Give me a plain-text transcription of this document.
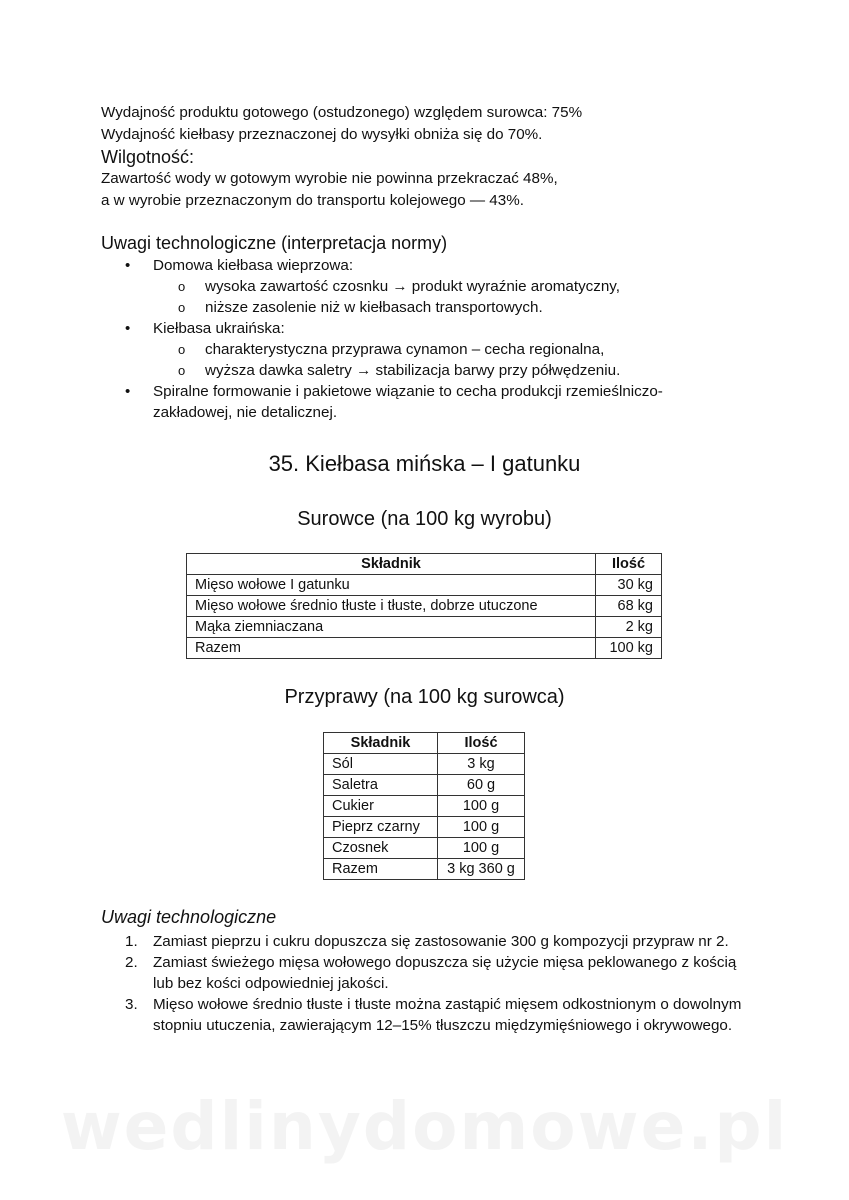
Wydajność produktu gotowego (ostudzonego) względem surowca: 75%

Wydajność kiełbasy przeznaczonej do wysyłki obniża się do 70%.

Wilgotność:

Zawartość wody w gotowym wyrobie nie powinna przekraczać 48%,

a w wyrobie przeznaczonym do transportu kolejowego — 43%.

Uwagi technologiczne (interpretacja normy)

• Domowa kiełbasa wieprzowa:
o wysoka zawartość czosnku → produkt wyraźnie aromatyczny,
o niższe zasolenie niż w kiełbasach transportowych.
• Kiełbasa ukraińska:
o charakterystyczna przyprawa cynamon – cecha regionalna,
o wyższa dawka saletry → stabilizacja barwy przy półwędzeniu.
• Spiralne formowanie i pakietowe wiązanie to cecha produkcji rzemieślniczo-zakładowej, nie detalicznej.
35. Kiełbasa mińska – I gatunku
Surowce (na 100 kg wyrobu)
Składnik	Ilość
Mięso wołowe I gatunku	30 kg
Mięso wołowe średnio tłuste i tłuste, dobrze utuczone	68 kg
Mąka ziemniaczana	2 kg
Razem	100 kg
Przyprawy (na 100 kg surowca)
Składnik	Ilość
Sól	3 kg
Saletra	60 g
Cukier	100 g
Pieprz czarny	100 g
Czosnek	100 g
Razem	3 kg 360 g

Uwagi technologiczne

1. Zamiast pieprzu i cukru dopuszcza się zastosowanie 300 g kompozycji przypraw nr 2.
2. Zamiast świeżego mięsa wołowego dopuszcza się użycie mięsa peklowanego z kością lub bez kości odpowiedniej jakości.
3. Mięso wołowe średnio tłuste i tłuste można zastąpić mięsem odkostnionym o dowolnym stopniu utuczenia, zawierającym 12–15% tłuszczu międzymięśniowego i okrywowego.
wedlinydomowe.pl
